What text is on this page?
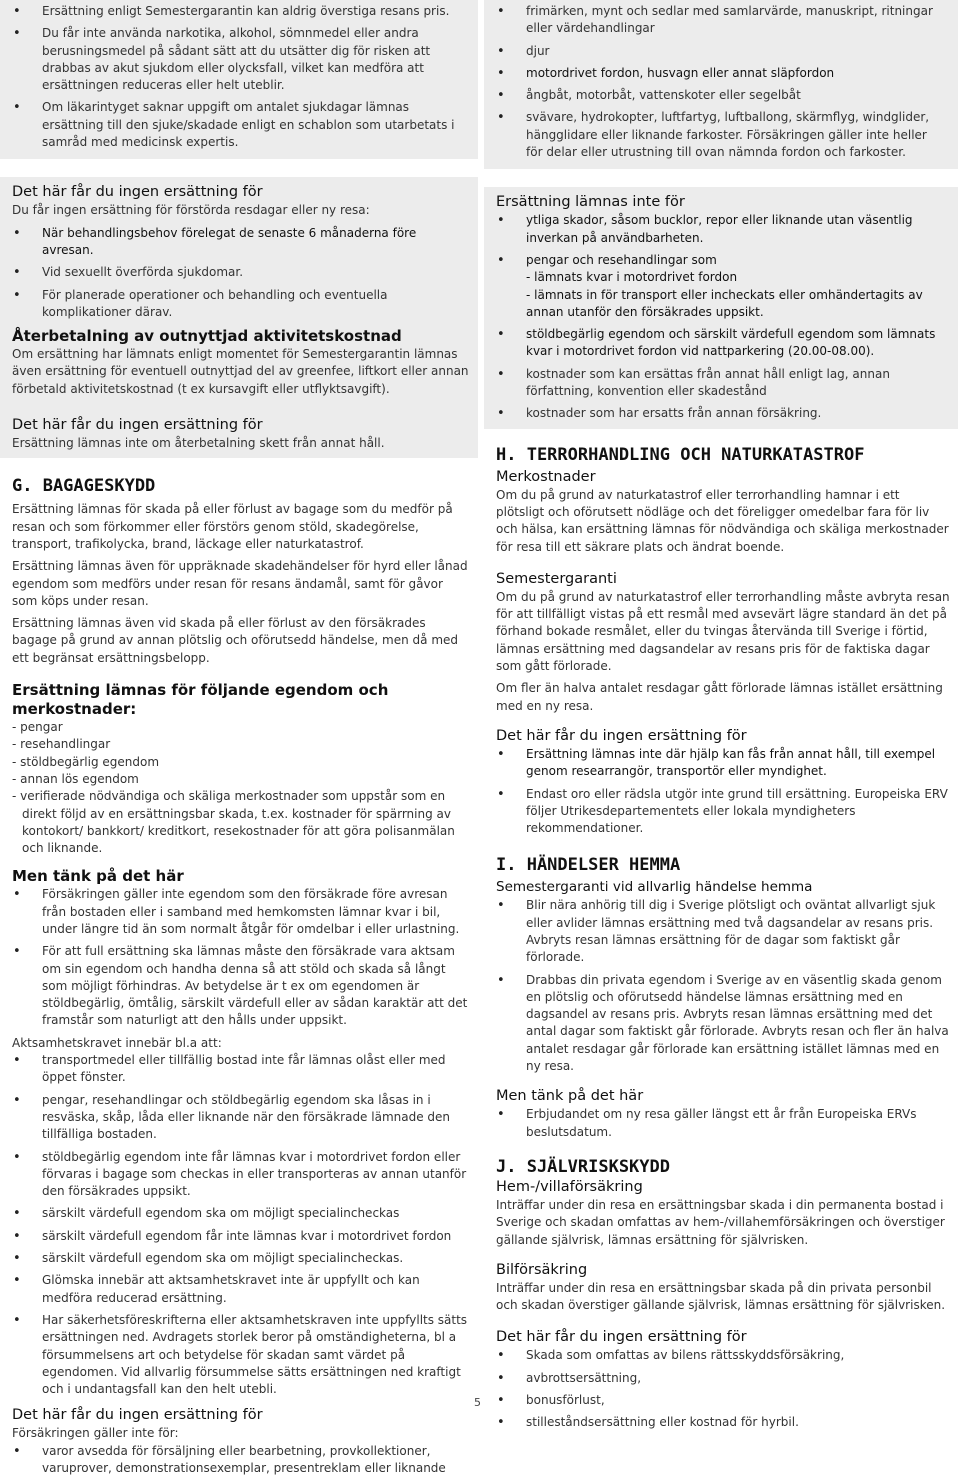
• Ersättning enligt Semestergarantin kan aldrig överstiga resans pris.
• Du får inte använda narkotika, alkohol, sömnmedel eller andra berusningsmedel på sådant sätt att du utsätter dig för risken att drabbas av akut sjukdom eller olycksfall, vilket kan medföra att ersättningen reduceras eller helt uteblir.
• Om läkarintyget saknar uppgift om antalet sjukdagar lämnas ersättning till den sjuke/skadade enligt en schablon som utarbetats i samråd med medicinsk expertis.
Det här får du ingen ersättning för

Du får ingen ersättning för förstörda resdagar eller ny resa:

• När behandlingsbehov förelegat de senaste 6 månaderna före avresan.
• Vid sexuellt överförda sjukdomar.
• För planerade operationer och behandling och eventuella komplikationer därav.
Återbetalning av outnyttjad aktivitetskostnad

Om ersättning har lämnats enligt momentet för Semestergarantin lämnas även ersättning för eventuell outnyttjad del av greenfee, liftkort eller annan förbetald aktivitetskostnad (t ex kursavgift eller utflyktsavgift).

Det här får du ingen ersättning för

Ersättning lämnas inte om återbetalning skett från annat håll.

G. BAGAGESKYDD

Ersättning lämnas för skada på eller förlust av bagage som du medför på resan och som förkommer eller förstörs genom stöld, skadegörelse, transport, trafikolycka, brand, läckage eller naturkatastrof.

Ersättning lämnas även för uppräknade skadehändelser för hyrd eller lånad egendom som medförs under resan för resans ändamål, samt för gåvor som köps under resan.

Ersättning lämnas även vid skada på eller förlust av den försäkrades bagage på grund av annan plötslig och oförutsedd händelse, men då med ett begränsat ersättningsbelopp.

Ersättning lämnas för följande egendom och merkostnader:

- pengar

- resehandlingar

- stöldbegärlig egendom

- annan lös egendom

- verifierade nödvändiga och skäliga merkostnader som uppstår som en direkt följd av en ersättningsbar skada, t.ex. kostnader för spärrning av kontokort/ bankkort/ kreditkort, resekostnader för att göra polisanmälan och liknande.

Men tänk på det här
• Försäkringen gäller inte egendom som den försäkrade före avresan från bostaden eller i samband med hemkomsten lämnar kvar i bil, under längre tid än som normalt åtgår för omdelbar i eller urlastning.
• För att full ersättning ska lämnas måste den försäkrade vara aktsam om sin egendom och handha denna så att stöld och skada så långt som möjligt förhindras. Av betydelse är t ex om egendomen är stöldbegärlig, ömtålig, särskilt värdefull eller av sådan karaktär att det framstår som naturligt att den hålls under uppsikt.

Aktsamhetskravet innebär bl.a att:

• transportmedel eller tillfällig bostad inte får lämnas olåst eller med öppet fönster.
• pengar, resehandlingar och stöldbegärlig egendom ska låsas in i resväska, skåp, låda eller liknande när den försäkrade lämnade den tillfälliga bostaden.
• stöldbegärlig egendom inte får lämnas kvar i motordrivet fordon eller förvaras i bagage som checkas in eller transporteras av annan utanför den försäkrades uppsikt.
• särskilt värdefull egendom ska om möjligt specialincheckas
• särskilt värdefull egendom får inte lämnas kvar i motordrivet fordon
• särskilt värdefull egendom ska om möjligt specialincheckas.
• Glömska innebär att aktsamhetskravet inte är uppfyllt och kan medföra reducerad ersättning.
• Har säkerhetsföreskrifterna eller aktsamhetskraven inte uppfyllts sätts ersättningen ned. Avdragets storlek beror på omständigheterna, bl a försummelsens art och betydelse för skadan samt värdet på egendomen. Vid allvarlig försummelse sätts ersättningen ned kraftigt och i undantagsfall kan den helt utebli.
Det här får du ingen ersättning för

Försäkringen gäller inte för:

• varor avsedda för försäljning eller bearbetning, provkollektioner, varuprover, demonstrationsexemplar, presentreklam eller liknande
• frimärken, mynt och sedlar med samlarvärde, manuskript, ritningar eller värdehandlingar
• djur
• motordrivet fordon, husvagn eller annat släpfordon
• ångbåt, motorbåt, vattenskoter eller segelbåt
• svävare, hydrokopter, luftfartyg, luftballong, skärmflyg, windglider, hängglidare eller liknande farkoster. Försäkringen gäller inte heller för delar eller utrustning till ovan nämnda fordon och farkoster.
Ersättning lämnas inte för
• ytliga skador, såsom bucklor, repor eller liknande utan väsentlig inverkan på användbarheten.
• pengar och resehandlingar som
- lämnats kvar i motordrivet fordon
- lämnats in för transport eller incheckats eller omhändertagits av annan utanför den försäkrades uppsikt.
• stöldbegärlig egendom och särskilt värdefull egendom som lämnats kvar i motordrivet fordon vid nattparkering (20.00-08.00).
• kostnader som kan ersättas från annat håll enligt lag, annan författning, konvention eller skadestånd
• kostnader som har ersatts från annan försäkring.
H. TERRORHANDLING OCH NATURKATASTROF
Merkostnader

Om du på grund av naturkatastrof eller terrorhandling hamnar i ett plötsligt och oförutsett nödläge och det föreligger omedelbar fara för liv och hälsa, kan ersättning lämnas för nödvändiga och skäliga merkostnader för resa till ett säkrare plats och ändrat boende.

Semestergaranti

Om du på grund av naturkatastrof eller terrorhandling måste avbryta resan för att tillfälligt vistas på ett resmål med avsevärt lägre standard än det på förhand bokade resmålet, eller du tvingas återvända till Sverige i förtid, lämnas ersättning med dagsandelar av resans pris för de faktiska dagar som gått förlorade.

Om fler än halva antalet resdagar gått förlorade lämnas istället ersättning med en ny resa.

Det här får du ingen ersättning för
• Ersättning lämnas inte där hjälp kan fås från annat håll, till exempel genom researrangör, transportör eller myndighet.
• Endast oro eller rädsla utgör inte grund till ersättning. Europeiska ERV följer Utrikesdepartementets eller lokala myndigheters rekommendationer.
I. HÄNDELSER HEMMA
Semestergaranti vid allvarlig händelse hemma
• Blir nära anhörig till dig i Sverige plötsligt och oväntat allvarligt sjuk eller avlider lämnas ersättning med två dagsandelar av resans pris. Avbryts resan lämnas ersättning för de dagar som faktiskt går förlorade.
• Drabbas din privata egendom i Sverige av en väsentlig skada genom en plötslig och oförutsedd händelse lämnas ersättning med en dagsandel av resans pris. Avbryts resan lämnas ersättning med det antal dagar som faktiskt går förlorade. Avbryts resan och fler än halva antalet resdagar går förlorade kan ersättning istället lämnas med en ny resa.
Men tänk på det här
• Erbjudandet om ny resa gäller längst ett år från Europeiska ERVs beslutsdatum.
J. SJÄLVRISKSKYDD
Hem-/villaförsäkring

Inträffar under din resa en ersättningsbar skada i din permanenta bostad i Sverige och skadan omfattas av hem-/villahemförsäkringen och överstiger gällande självrisk, lämnas ersättning för självrisken.

Bilförsäkring

Inträffar under din resa en ersättningsbar skada på din privata personbil och skadan överstiger gällande självrisk, lämnas ersättning för självrisken.

Det här får du ingen ersättning för
• Skada som omfattas av bilens rättsskyddsförsäkring,
• avbrottsersättning,
• bonusförlust,
• stilleståndsersättning eller kostnad för hyrbil.
5
